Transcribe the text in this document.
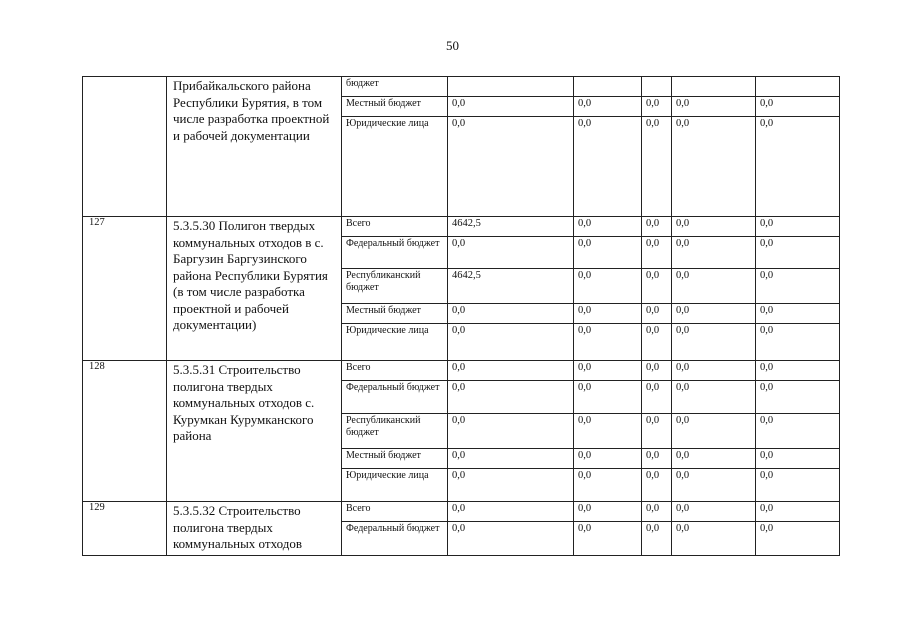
50
	Прибайкальского района Республики Бурятия, в том числе разработка проектной и рабочей документации	бюджет					
		Местный бюджет	0,0	0,0	0,0	0,0	0,0
		Юридические лица	0,0	0,0	0,0	0,0	0,0
127	5.3.5.30 Полигон твердых коммунальных отходов в с. Баргузин Баргузинского района Республики Бурятия (в том числе разработка проектной и рабочей документации)	Всего	4642,5	0,0	0,0	0,0	0,0
		Федеральный бюджет	0,0	0,0	0,0	0,0	0,0
		Республиканский бюджет	4642,5	0,0	0,0	0,0	0,0
		Местный бюджет	0,0	0,0	0,0	0,0	0,0
		Юридические лица	0,0	0,0	0,0	0,0	0,0
128	5.3.5.31 Строительство полигона твердых коммунальных отходов с. Курумкан Курумканского района	Всего	0,0	0,0	0,0	0,0	0,0
		Федеральный бюджет	0,0	0,0	0,0	0,0	0,0
		Республиканский бюджет	0,0	0,0	0,0	0,0	0,0
		Местный бюджет	0,0	0,0	0,0	0,0	0,0
		Юридические лица	0,0	0,0	0,0	0,0	0,0
129	5.3.5.32 Строительство полигона твердых коммунальных отходов	Всего	0,0	0,0	0,0	0,0	0,0
		Федеральный бюджет	0,0	0,0	0,0	0,0	0,0
